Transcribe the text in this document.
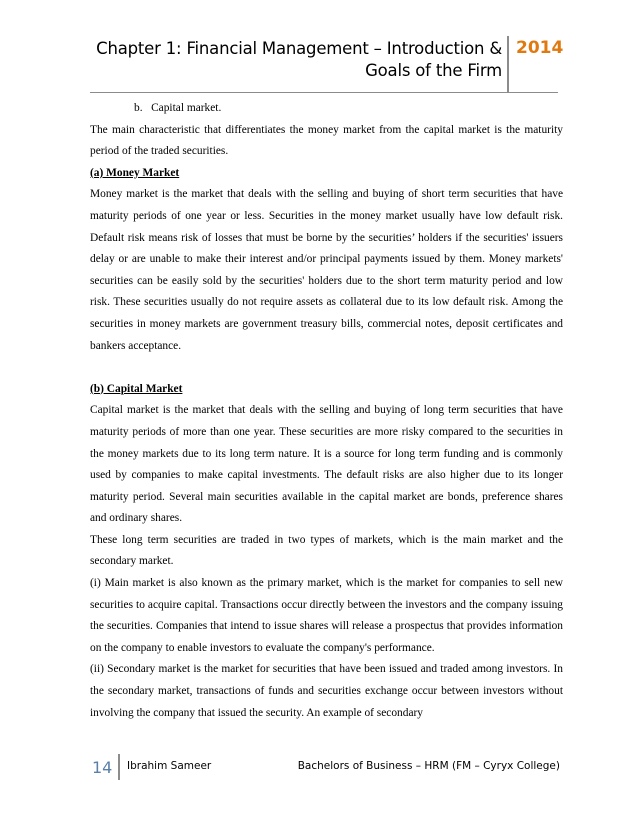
Chapter 1: Financial Management – Introduction &
Goals of the Firm
2014

b.   Capital market.

The main characteristic that differentiates the money market from the capital market is the maturity period of the traded securities.

(a) Money Market

Money market is the market that deals with the selling and buying of short term securities that have maturity periods of one year or less. Securities in the money market usually have low default risk. Default risk means risk of losses that must be borne by the securities’ holders if the securities' issuers delay or are unable to make their interest and/or principal payments issued by them. Money markets' securities can be easily sold by the securities' holders due to the short term maturity period and low risk. These securities usually do not require assets as collateral due to its low default risk. Among the securities in money markets are government treasury bills, commercial notes, deposit certificates and bankers acceptance.

(b) Capital Market

Capital market is the market that deals with the selling and buying of long term securities that have maturity periods of more than one year. These securities are more risky compared to the securities in the money markets due to its long term nature. It is a source for long term funding and is commonly used by companies to make capital investments. The default risks are also higher due to its longer maturity period. Several main securities available in the capital market are bonds, preference shares and ordinary shares.

These long term securities are traded in two types of markets, which is the main market and the secondary market.

(i) Main market is also known as the primary market, which is the market for companies to sell new securities to acquire capital. Transactions occur directly between the investors and the company issuing the securities. Companies that intend to issue shares will release a prospectus that provides information on the company to enable investors to evaluate the company's performance.

(ii) Secondary market is the market for securities that have been issued and traded among investors. In the secondary market, transactions of funds and securities exchange occur between investors without involving the company that issued the security. An example of secondary

14 Ibrahim Sameer	Bachelors of Business – HRM (FM – Cyryx College)
